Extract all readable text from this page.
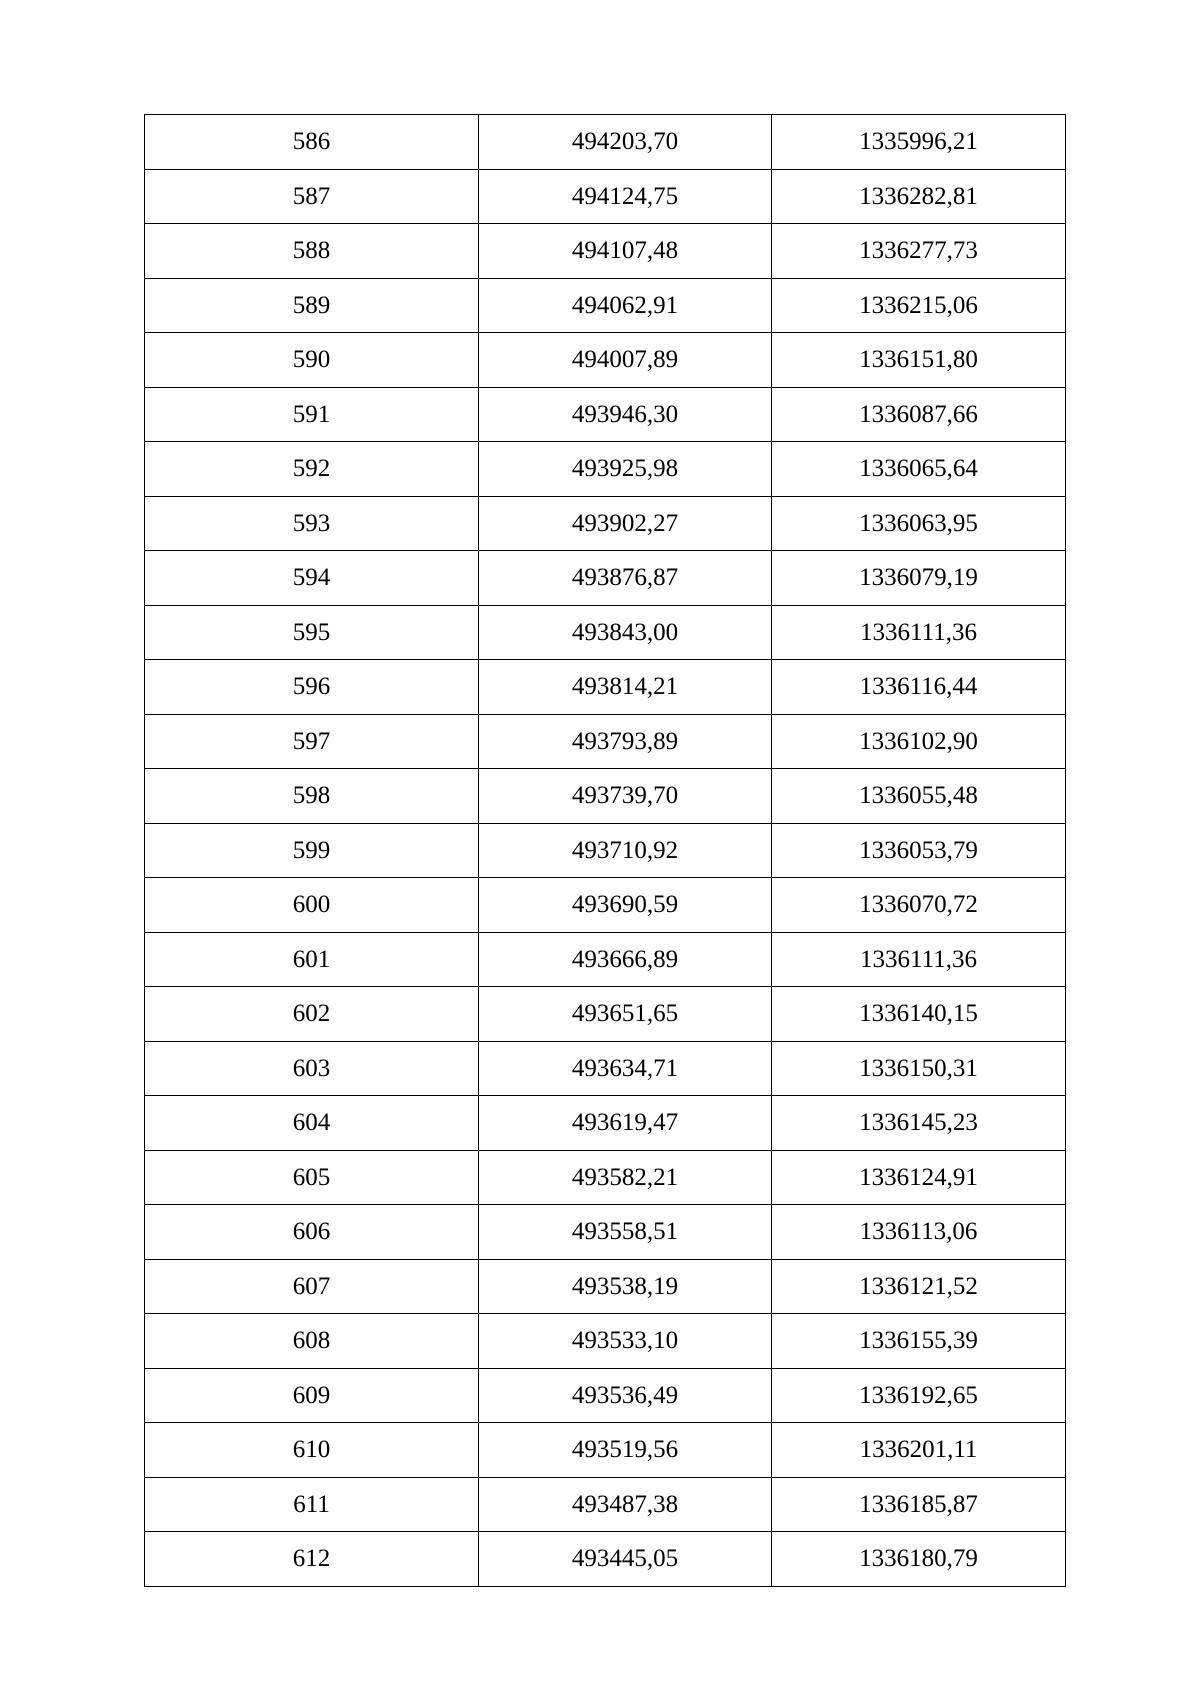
586	494203,70	1335996,21
587	494124,75	1336282,81
588	494107,48	1336277,73
589	494062,91	1336215,06
590	494007,89	1336151,80
591	493946,30	1336087,66
592	493925,98	1336065,64
593	493902,27	1336063,95
594	493876,87	1336079,19
595	493843,00	1336111,36
596	493814,21	1336116,44
597	493793,89	1336102,90
598	493739,70	1336055,48
599	493710,92	1336053,79
600	493690,59	1336070,72
601	493666,89	1336111,36
602	493651,65	1336140,15
603	493634,71	1336150,31
604	493619,47	1336145,23
605	493582,21	1336124,91
606	493558,51	1336113,06
607	493538,19	1336121,52
608	493533,10	1336155,39
609	493536,49	1336192,65
610	493519,56	1336201,11
611	493487,38	1336185,87
612	493445,05	1336180,79
